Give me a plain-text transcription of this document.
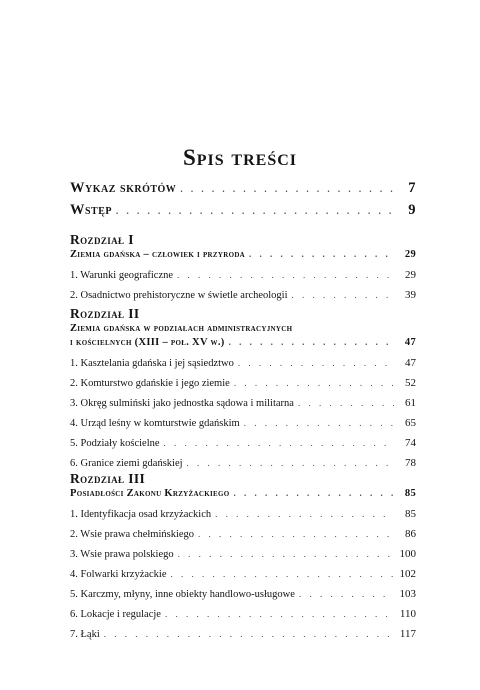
Spis treści
Wykaz skrótów . . .	7
Wstęp . . .	9
Rozdział I
Ziemia gdańska – człowiek i przyroda . . .	29
1. Warunki geograficzne . . .	29
2. Osadnictwo prehistoryczne w świetle archeologii . . .	39
Rozdział II
Ziemia gdańska w podziałach administracyjnych
i kościelnych (XIII – poł. XV w.) . . .	47
1. Kasztelania gdańska i jej sąsiedztwo . . .	47
2. Komturstwo gdańskie i jego ziemie . . .	52
3. Okręg sulmiński jako jednostka sądowa i militarna . . .	61
4. Urząd leśny w komturstwie gdańskim . . .	65
5. Podziały kościelne . . .	74
6. Granice ziemi gdańskiej . . .	78
Rozdział III
Posiadłości Zakonu Krzyżackiego . . .	85
1. Identyfikacja osad krzyżackich . . .	85
2. Wsie prawa chełmińskiego . . .	86
3. Wsie prawa polskiego . . .	100
4. Folwarki krzyżackie . . .	102
5. Karczmy, młyny, inne obiekty handlowo-usługowe . . .	103
6. Lokacje i regulacje . . .	110
7. Łąki . . .	117
